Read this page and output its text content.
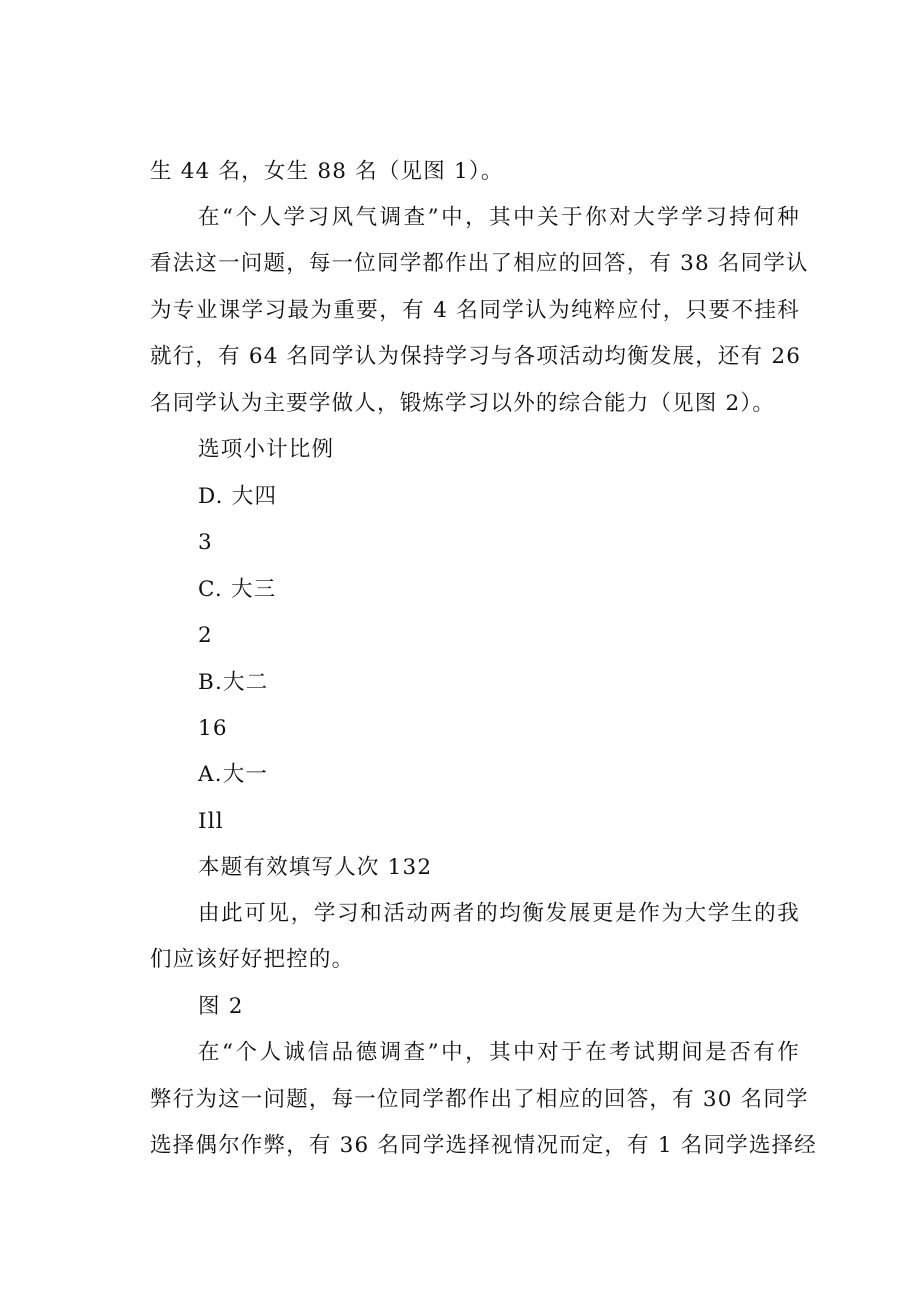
生 44 名，女生 88 名（见图 1）。
在“个人学习风气调查”中，其中关于你对大学学习持何种
看法这一问题，每一位同学都作出了相应的回答，有 38 名同学认
为专业课学习最为重要，有 4 名同学认为纯粹应付，只要不挂科
就行，有 64 名同学认为保持学习与各项活动均衡发展，还有 26
名同学认为主要学做人，锻炼学习以外的综合能力（见图 2）。
选项小计比例
D. 大四
3
C. 大三
2
B.大二
16
A.大一
Ill
本题有效填写人次 132
由此可见，学习和活动两者的均衡发展更是作为大学生的我
们应该好好把控的。
图 2
在“个人诚信品德调查”中，其中对于在考试期间是否有作
弊行为这一问题，每一位同学都作出了相应的回答，有 30 名同学
选择偶尔作弊，有 36 名同学选择视情况而定，有 1 名同学选择经
